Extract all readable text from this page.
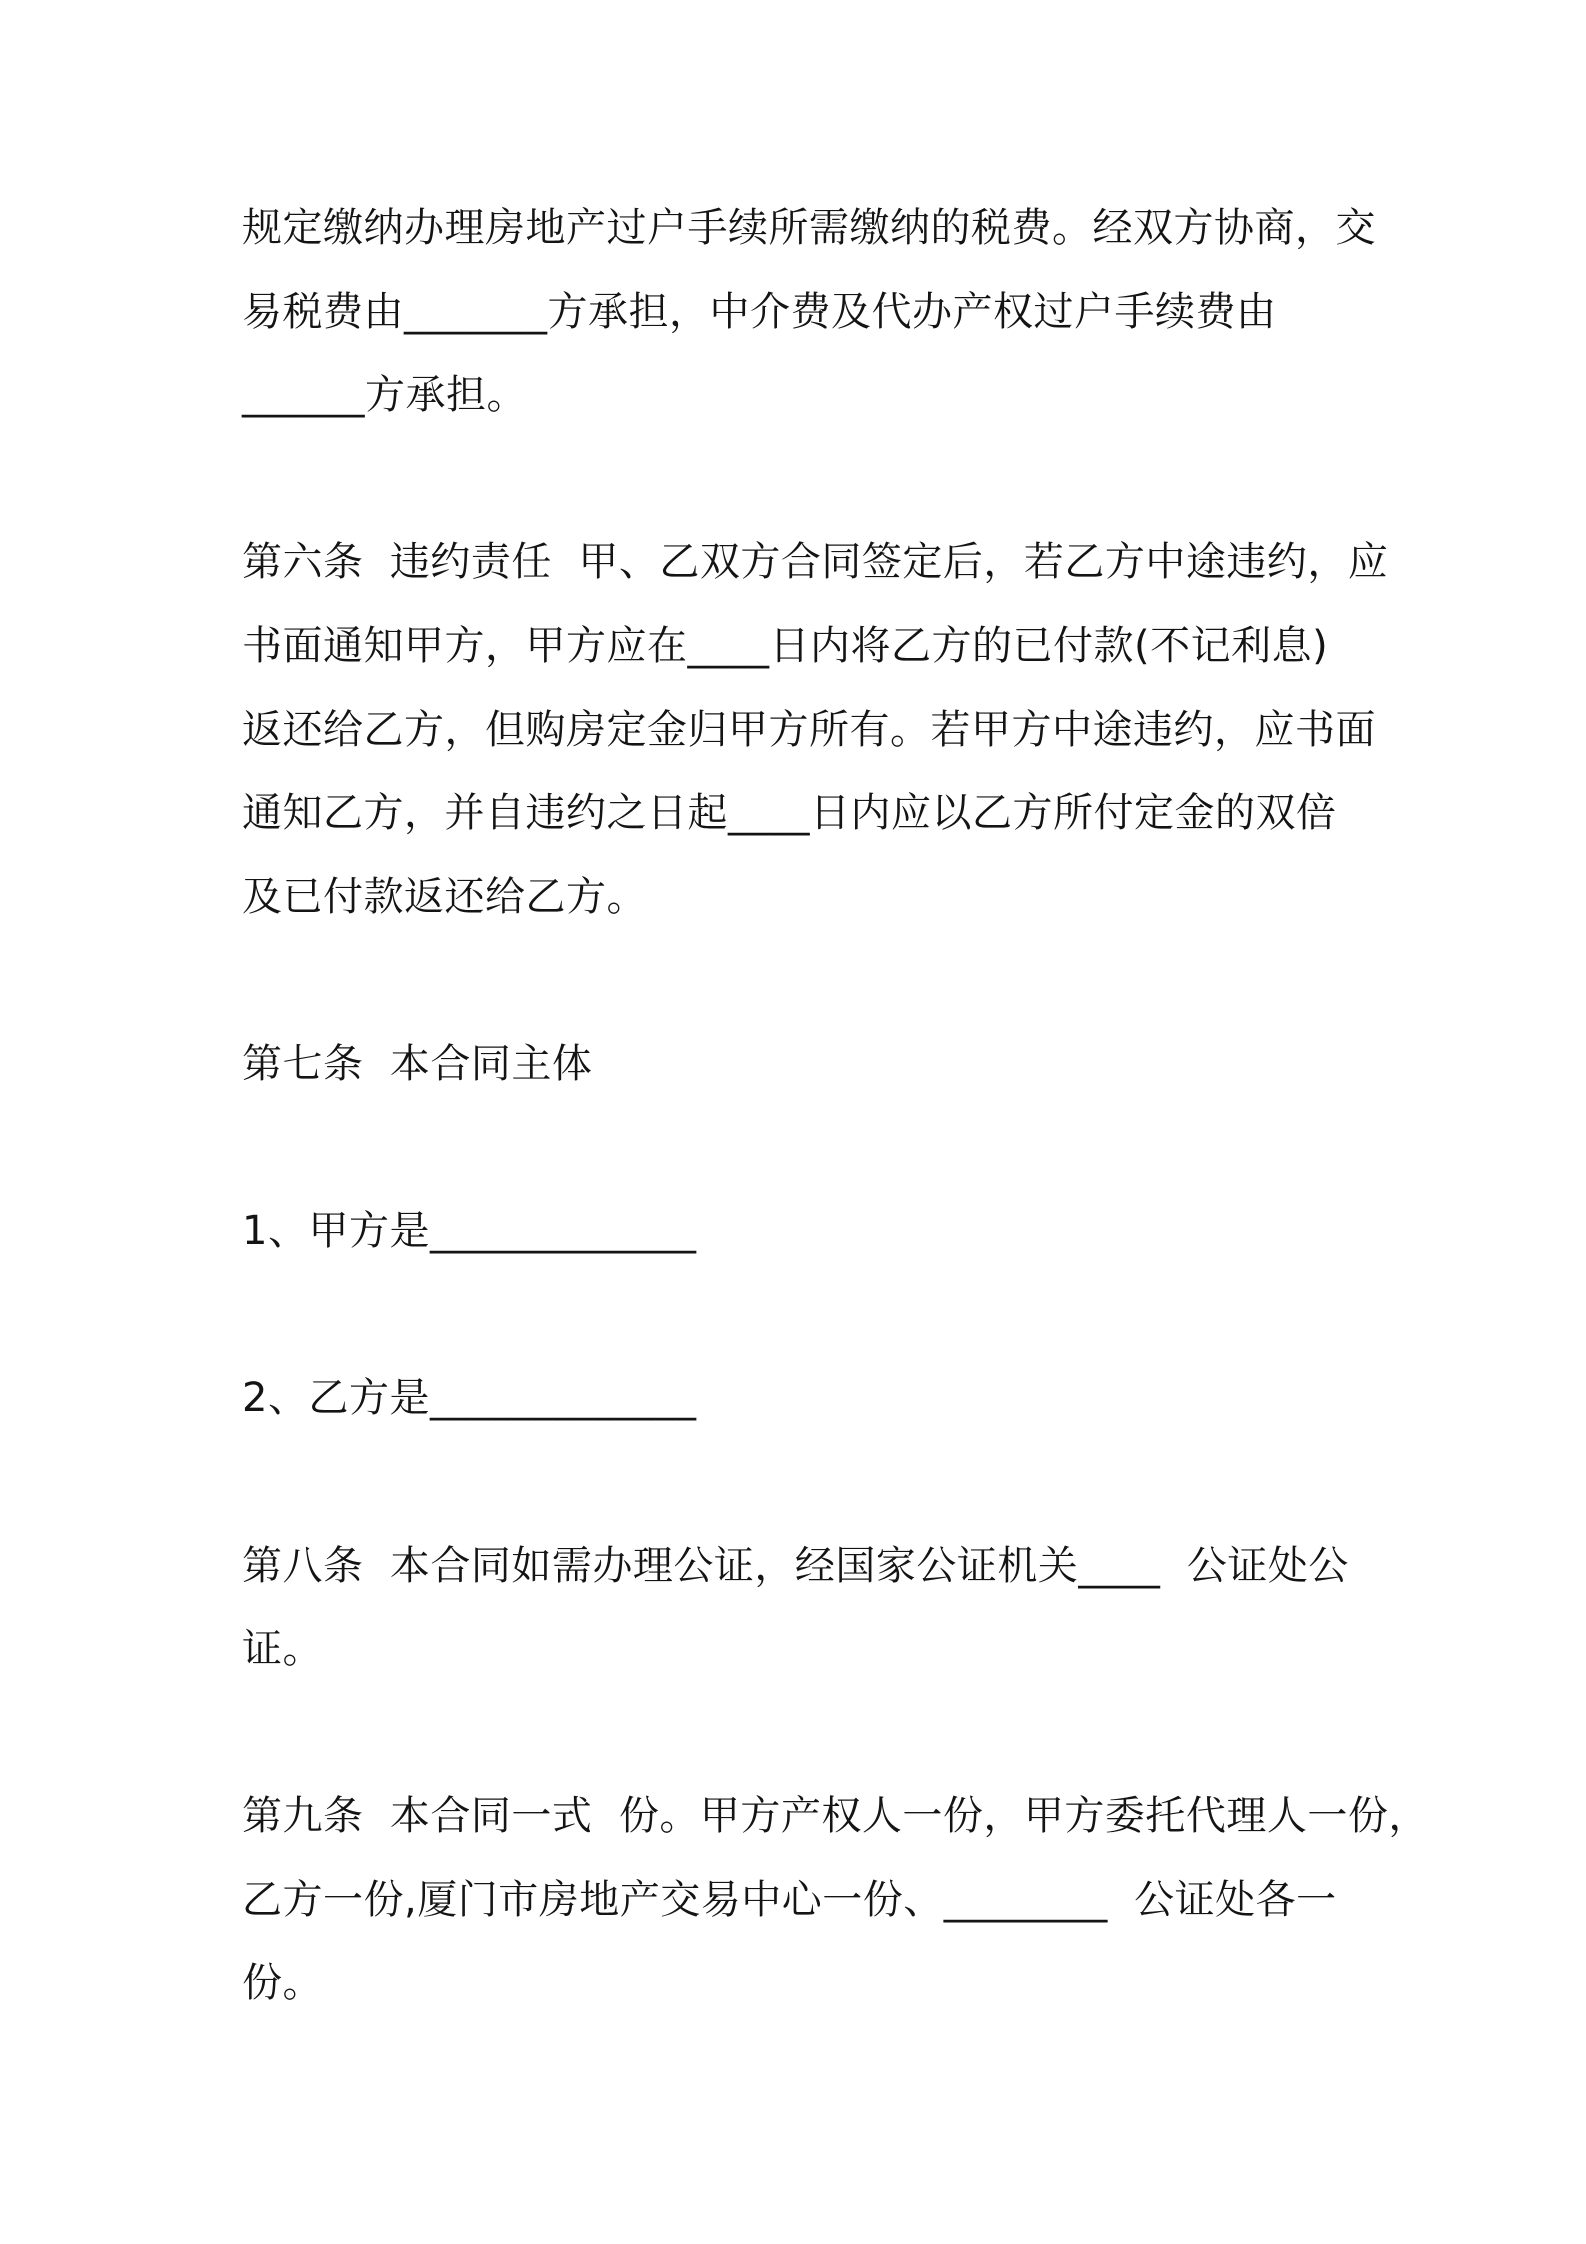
规定缴纳办理房地产过户手续所需缴纳的税费。经双方协商，交
易税费由_______方承担，中介费及代办产权过户手续费由
______方承担。
第六条  违约责任  甲、乙双方合同签定后，若乙方中途违约，应
书面通知甲方，甲方应在____日内将乙方的已付款(不记利息)
返还给乙方，但购房定金归甲方所有。若甲方中途违约，应书面
通知乙方，并自违约之日起____日内应以乙方所付定金的双倍
及已付款返还给乙方。
第七条  本合同主体
1、甲方是_____________
2、乙方是_____________
第八条  本合同如需办理公证，经国家公证机关____  公证处公
证。
第九条  本合同一式  份。甲方产权人一份，甲方委托代理人一份，
乙方一份,厦门市房地产交易中心一份、________  公证处各一
份。
